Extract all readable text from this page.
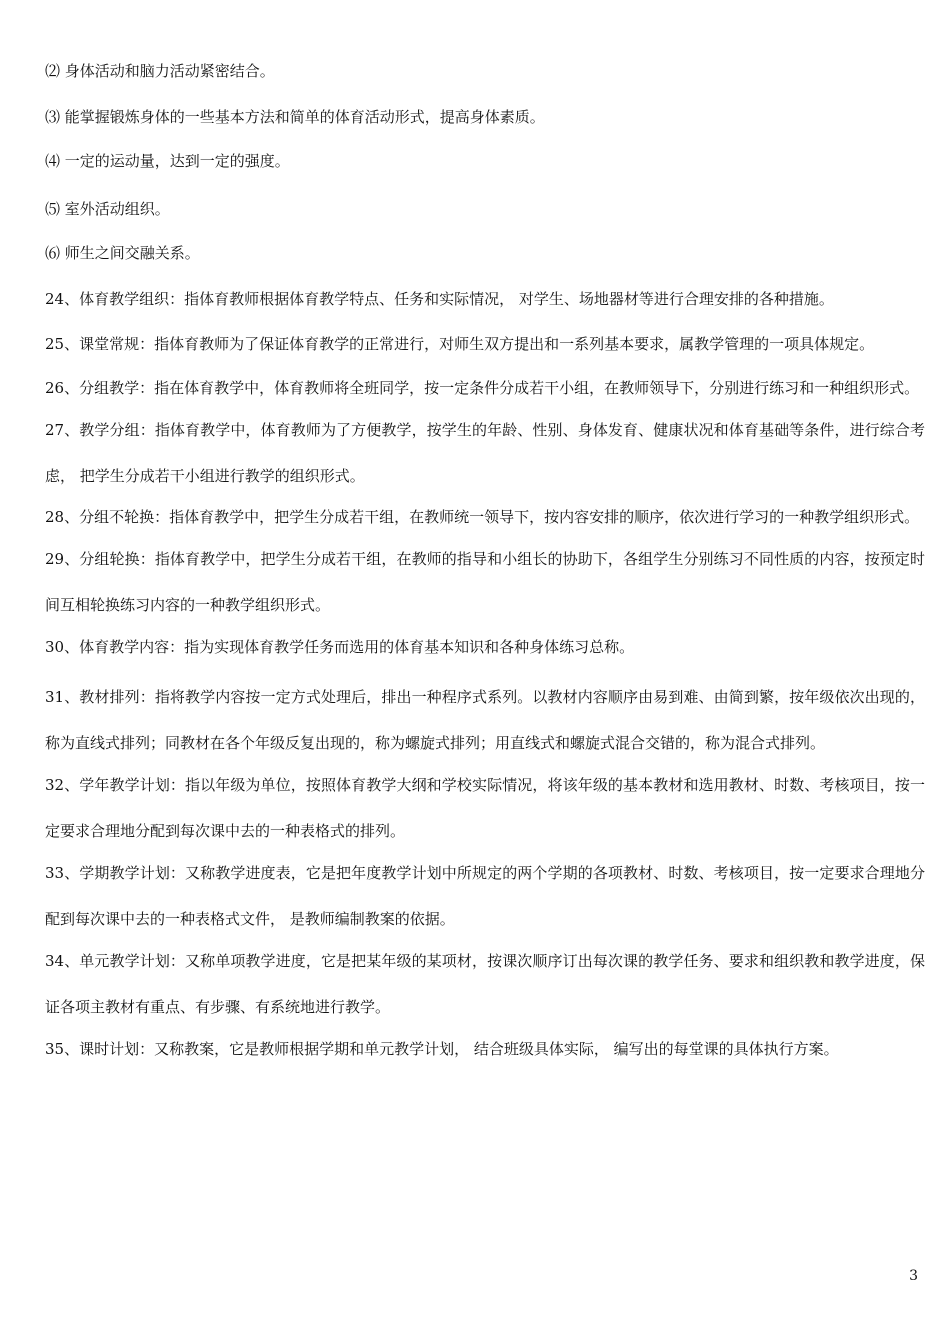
⑵ 身体活动和脑力活动紧密结合。

⑶ 能掌握锻炼身体的一些基本方法和简单的体育活动形式，提高身体素质。

⑷ 一定的运动量，达到一定的强度。

⑸ 室外活动组织。

⑹ 师生之间交融关系。

24、体育教学组织：指体育教师根据体育教学特点、任务和实际情况， 对学生、场地器材等进行合理安排的各种措施。

25、课堂常规：指体育教师为了保证体育教学的正常进行，对师生双方提出和一系列基本要求，属教学管理的一项具体规定。

26、分组教学：指在体育教学中，体育教师将全班同学，按一定条件分成若干小组，在教师领导下，分别进行练习和一种组织形式。

27、教学分组：指体育教学中，体育教师为了方便教学，按学生的年龄、性别、身体发育、健康状况和体育基础等条件，进行综合考虑， 把学生分成若干小组进行教学的组织形式。

28、分组不轮换：指体育教学中，把学生分成若干组，在教师统一领导下，按内容安排的顺序，依次进行学习的一种教学组织形式。

29、分组轮换：指体育教学中，把学生分成若干组，在教师的指导和小组长的协助下，各组学生分别练习不同性质的内容，按预定时间互相轮换练习内容的一种教学组织形式。

30、体育教学内容：指为实现体育教学任务而选用的体育基本知识和各种身体练习总称。

31、教材排列：指将教学内容按一定方式处理后，排出一种程序式系列。以教材内容顺序由易到难、由简到繁，按年级依次出现的，称为直线式排列；同教材在各个年级反复出现的，称为螺旋式排列；用直线式和螺旋式混合交错的，称为混合式排列。

32、学年教学计划：指以年级为单位，按照体育教学大纲和学校实际情况，将该年级的基本教材和选用教材、时数、考核项目，按一定要求合理地分配到每次课中去的一种表格式的排列。

33、学期教学计划：又称教学进度表，它是把年度教学计划中所规定的两个学期的各项教材、时数、考核项目，按一定要求合理地分配到每次课中去的一种表格式文件， 是教师编制教案的依据。

34、单元教学计划：又称单项教学进度，它是把某年级的某项材，按课次顺序订出每次课的教学任务、要求和组织教和教学进度，保证各项主教材有重点、有步骤、有系统地进行教学。

35、课时计划：又称教案，它是教师根据学期和单元教学计划， 结合班级具体实际， 编写出的每堂课的具体执行方案。

3
